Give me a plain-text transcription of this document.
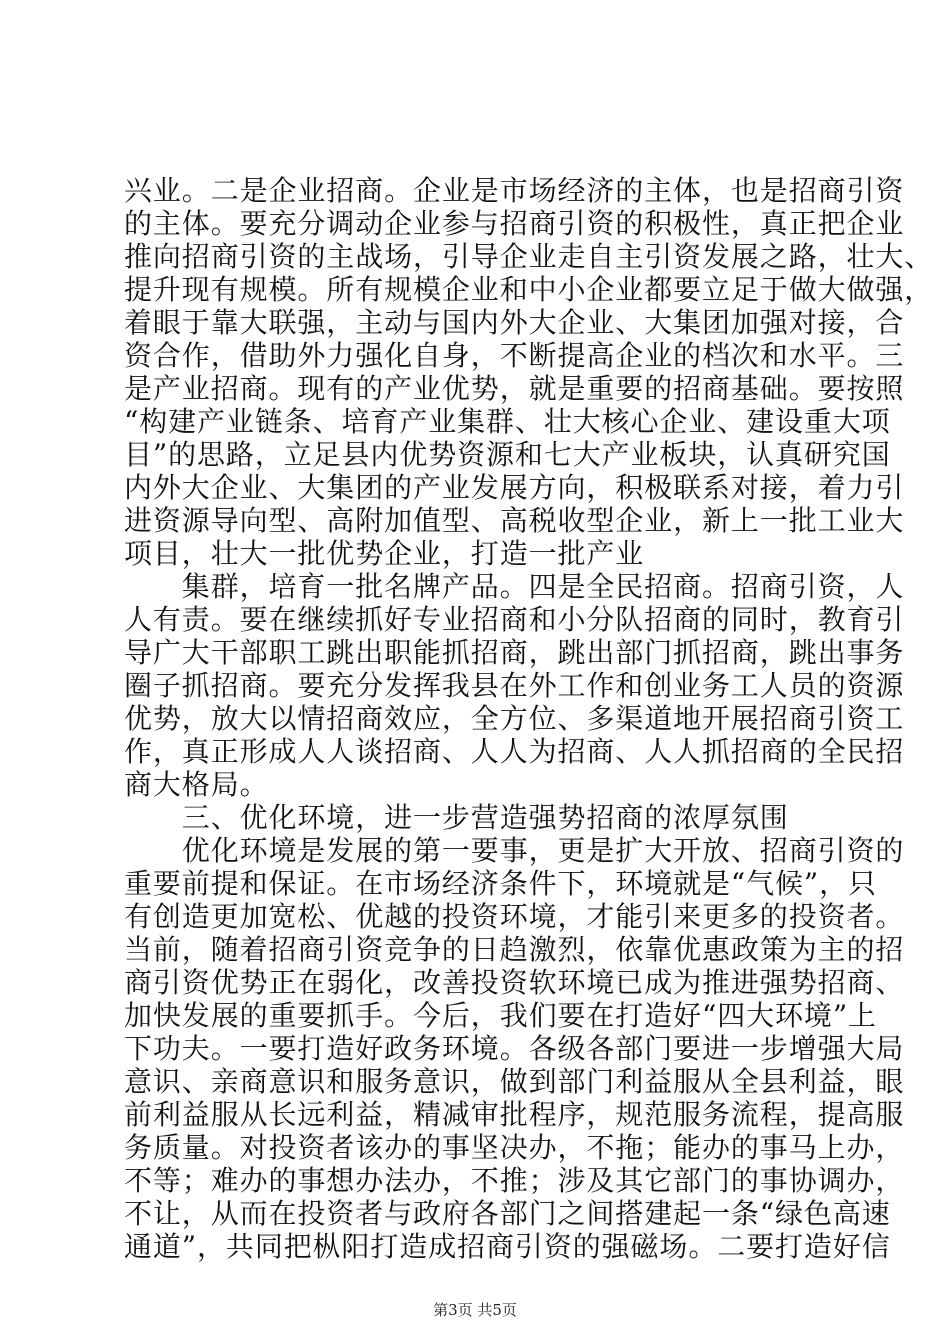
兴业。二是企业招商。企业是市场经济的主体，也是招商引资
的主体。要充分调动企业参与招商引资的积极性，真正把企业
推向招商引资的主战场，引导企业走自主引资发展之路，壮大、
提升现有规模。所有规模企业和中小企业都要立足于做大做强，
着眼于靠大联强，主动与国内外大企业、大集团加强对接，合
资合作，借助外力强化自身，不断提高企业的档次和水平。三
是产业招商。现有的产业优势，就是重要的招商基础。要按照
“构建产业链条、培育产业集群、壮大核心企业、建设重大项
目”的思路，立足县内优势资源和七大产业板块，认真研究国
内外大企业、大集团的产业发展方向，积极联系对接，着力引
进资源导向型、高附加值型、高税收型企业，新上一批工业大
项目，壮大一批优势企业，打造一批产业
　　集群，培育一批名牌产品。四是全民招商。招商引资，人
人有责。要在继续抓好专业招商和小分队招商的同时，教育引
导广大干部职工跳出职能抓招商，跳出部门抓招商，跳出事务
圈子抓招商。要充分发挥我县在外工作和创业务工人员的资源
优势，放大以情招商效应，全方位、多渠道地开展招商引资工
作，真正形成人人谈招商、人人为招商、人人抓招商的全民招
商大格局。
　　三、优化环境，进一步营造强势招商的浓厚氛围
　　优化环境是发展的第一要事，更是扩大开放、招商引资的
重要前提和保证。在市场经济条件下，环境就是“气候”，只
有创造更加宽松、优越的投资环境，才能引来更多的投资者。
当前，随着招商引资竞争的日趋激烈，依靠优惠政策为主的招
商引资优势正在弱化，改善投资软环境已成为推进强势招商、
加快发展的重要抓手。今后，我们要在打造好“四大环境”上
下功夫。一要打造好政务环境。各级各部门要进一步增强大局
意识、亲商意识和服务意识，做到部门利益服从全县利益，眼
前利益服从长远利益，精减审批程序，规范服务流程，提高服
务质量。对投资者该办的事坚决办，不拖；能办的事马上办，
不等；难办的事想办法办，不推；涉及其它部门的事协调办，
不让，从而在投资者与政府各部门之间搭建起一条“绿色高速
通道”，共同把枞阳打造成招商引资的强磁场。二要打造好信
第3页 共5页
